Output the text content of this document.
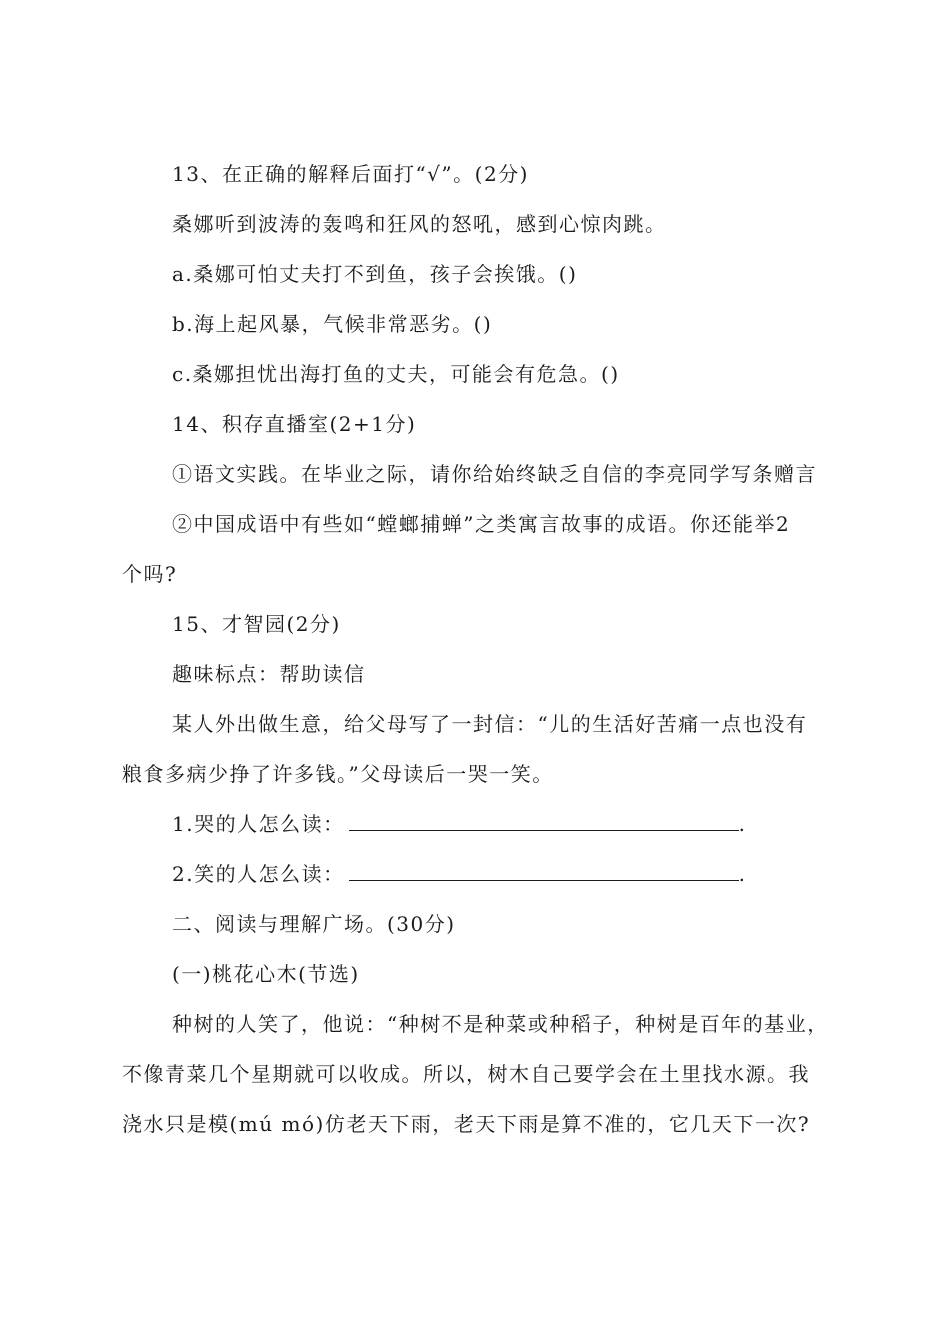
13、在正确的解释后面打“√”。(2分)
桑娜听到波涛的轰鸣和狂风的怒吼，感到心惊肉跳。
a.桑娜可怕丈夫打不到鱼，孩子会挨饿。()
b.海上起风暴，气候非常恶劣。()
c.桑娜担忧出海打鱼的丈夫，可能会有危急。()
14、积存直播室(2+1分)
①语文实践。在毕业之际，请你给始终缺乏自信的李亮同学写条赠言
②中国成语中有些如“螳螂捕蝉”之类寓言故事的成语。你还能举2
个吗?
15、才智园(2分)
趣味标点：帮助读信
某人外出做生意，给父母写了一封信：“儿的生活好苦痛一点也没有
粮食多病少挣了许多钱。”父母读后一哭一笑。
1.哭的人怎么读：	.
2.笑的人怎么读：	.
二、阅读与理解广场。(30分)
(一)桃花心木(节选)
种树的人笑了，他说：“种树不是种菜或种稻子，种树是百年的基业，
不像青菜几个星期就可以收成。所以，树木自己要学会在土里找水源。我
浇水只是模(mú mó)仿老天下雨，老天下雨是算不准的，它几天下一次?
